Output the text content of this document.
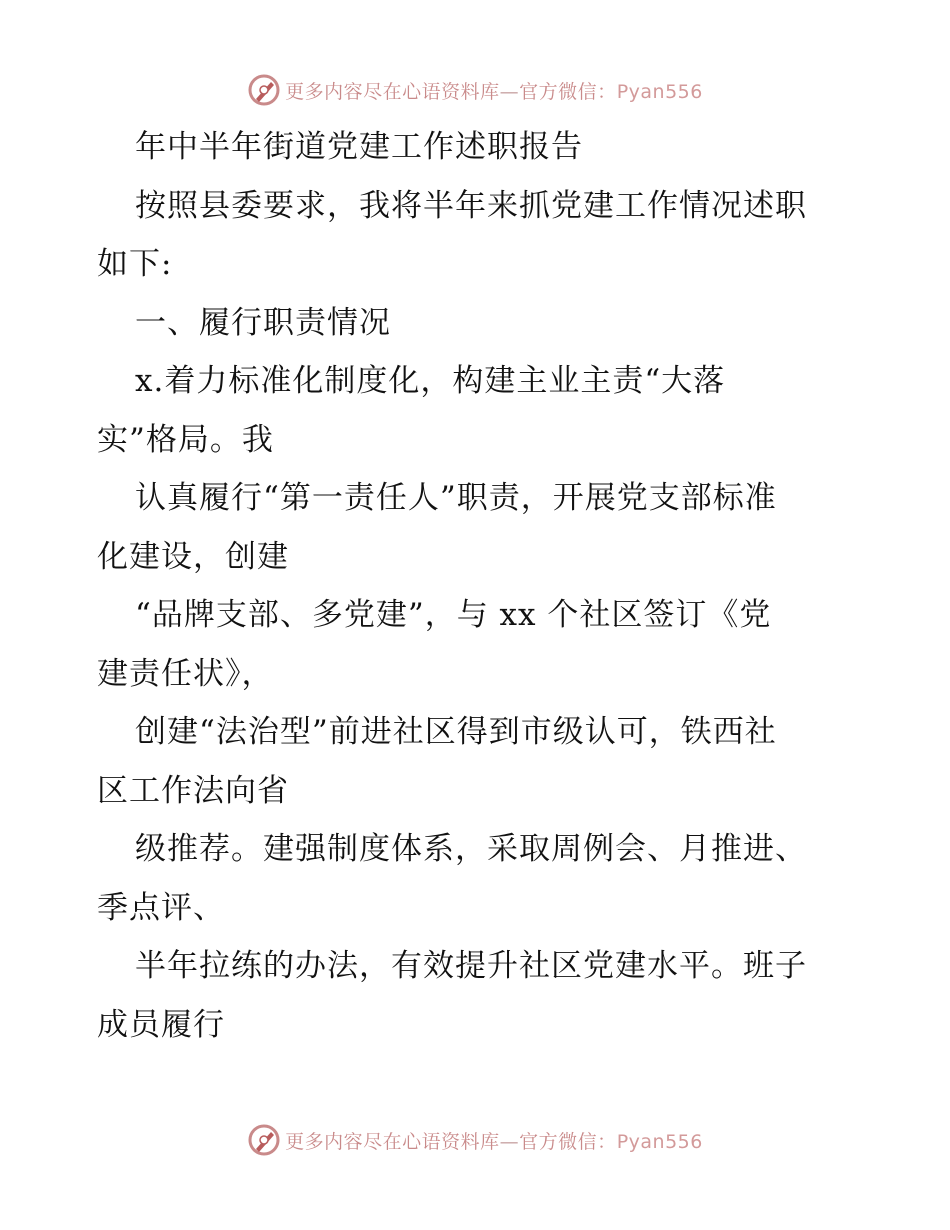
更多内容尽在心语资料库—官方微信：Pyan556
年中半年街道党建工作述职报告
按照县委要求，我将半年来抓党建工作情况述职
如下:
一、履行职责情况
x.着力标准化制度化，构建主业主责“大落
实”格局。我
认真履行“第一责任人”职责，开展党支部标准
化建设，创建
“品牌支部、多党建”，与 xx 个社区签订《党
建责任状》，
创建“法治型”前进社区得到市级认可，铁西社
区工作法向省
级推荐。建强制度体系，采取周例会、月推进、
季点评、
半年拉练的办法，有效提升社区党建水平。班子
成员履行
更多内容尽在心语资料库—官方微信：Pyan556
